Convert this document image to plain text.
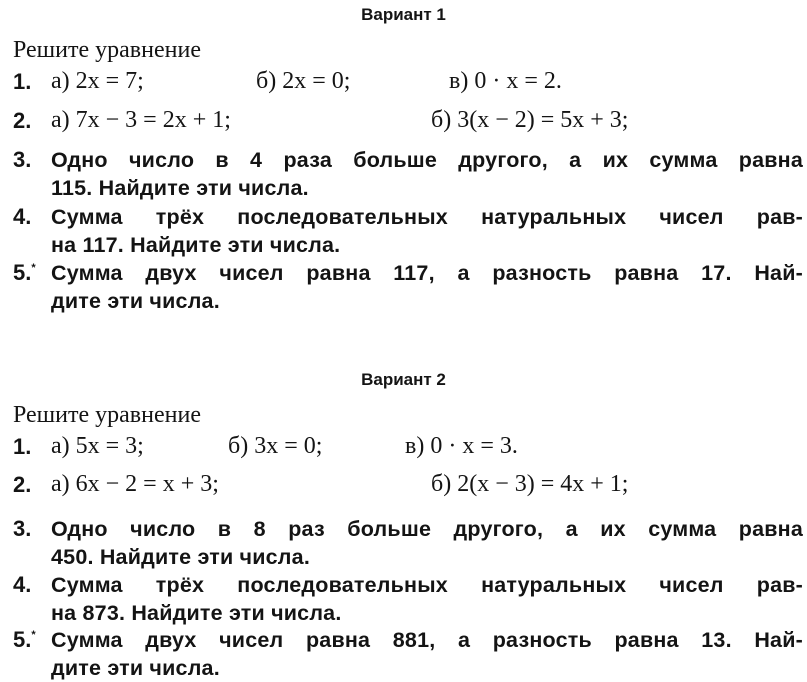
Вариант 1
Решите уравнение
1. а) 2x = 7;	б) 2x = 0;	в) 0 · x = 2.
2. а) 7x − 3 = 2x + 1;	б) 3(x − 2) = 5x + 3;
3. Одно число в 4 раза больше другого, а их сумма равна
115. Найдите эти числа.
4. Сумма трёх последовательных натуральных чисел рав-
на 117. Найдите эти числа.
5.* Сумма двух чисел равна 117, а разность равна 17. Най-
дите эти числа.
Вариант 2
Решите уравнение
1. а) 5x = 3;	б) 3x = 0;	в) 0 · x = 3.
2. а) 6x − 2 = x + 3;	б) 2(x − 3) = 4x + 1;
3. Одно число в 8 раз больше другого, а их сумма равна
450. Найдите эти числа.
4. Сумма трёх последовательных натуральных чисел рав-
на 873. Найдите эти числа.
5.* Сумма двух чисел равна 881, а разность равна 13. Най-
дите эти числа.
